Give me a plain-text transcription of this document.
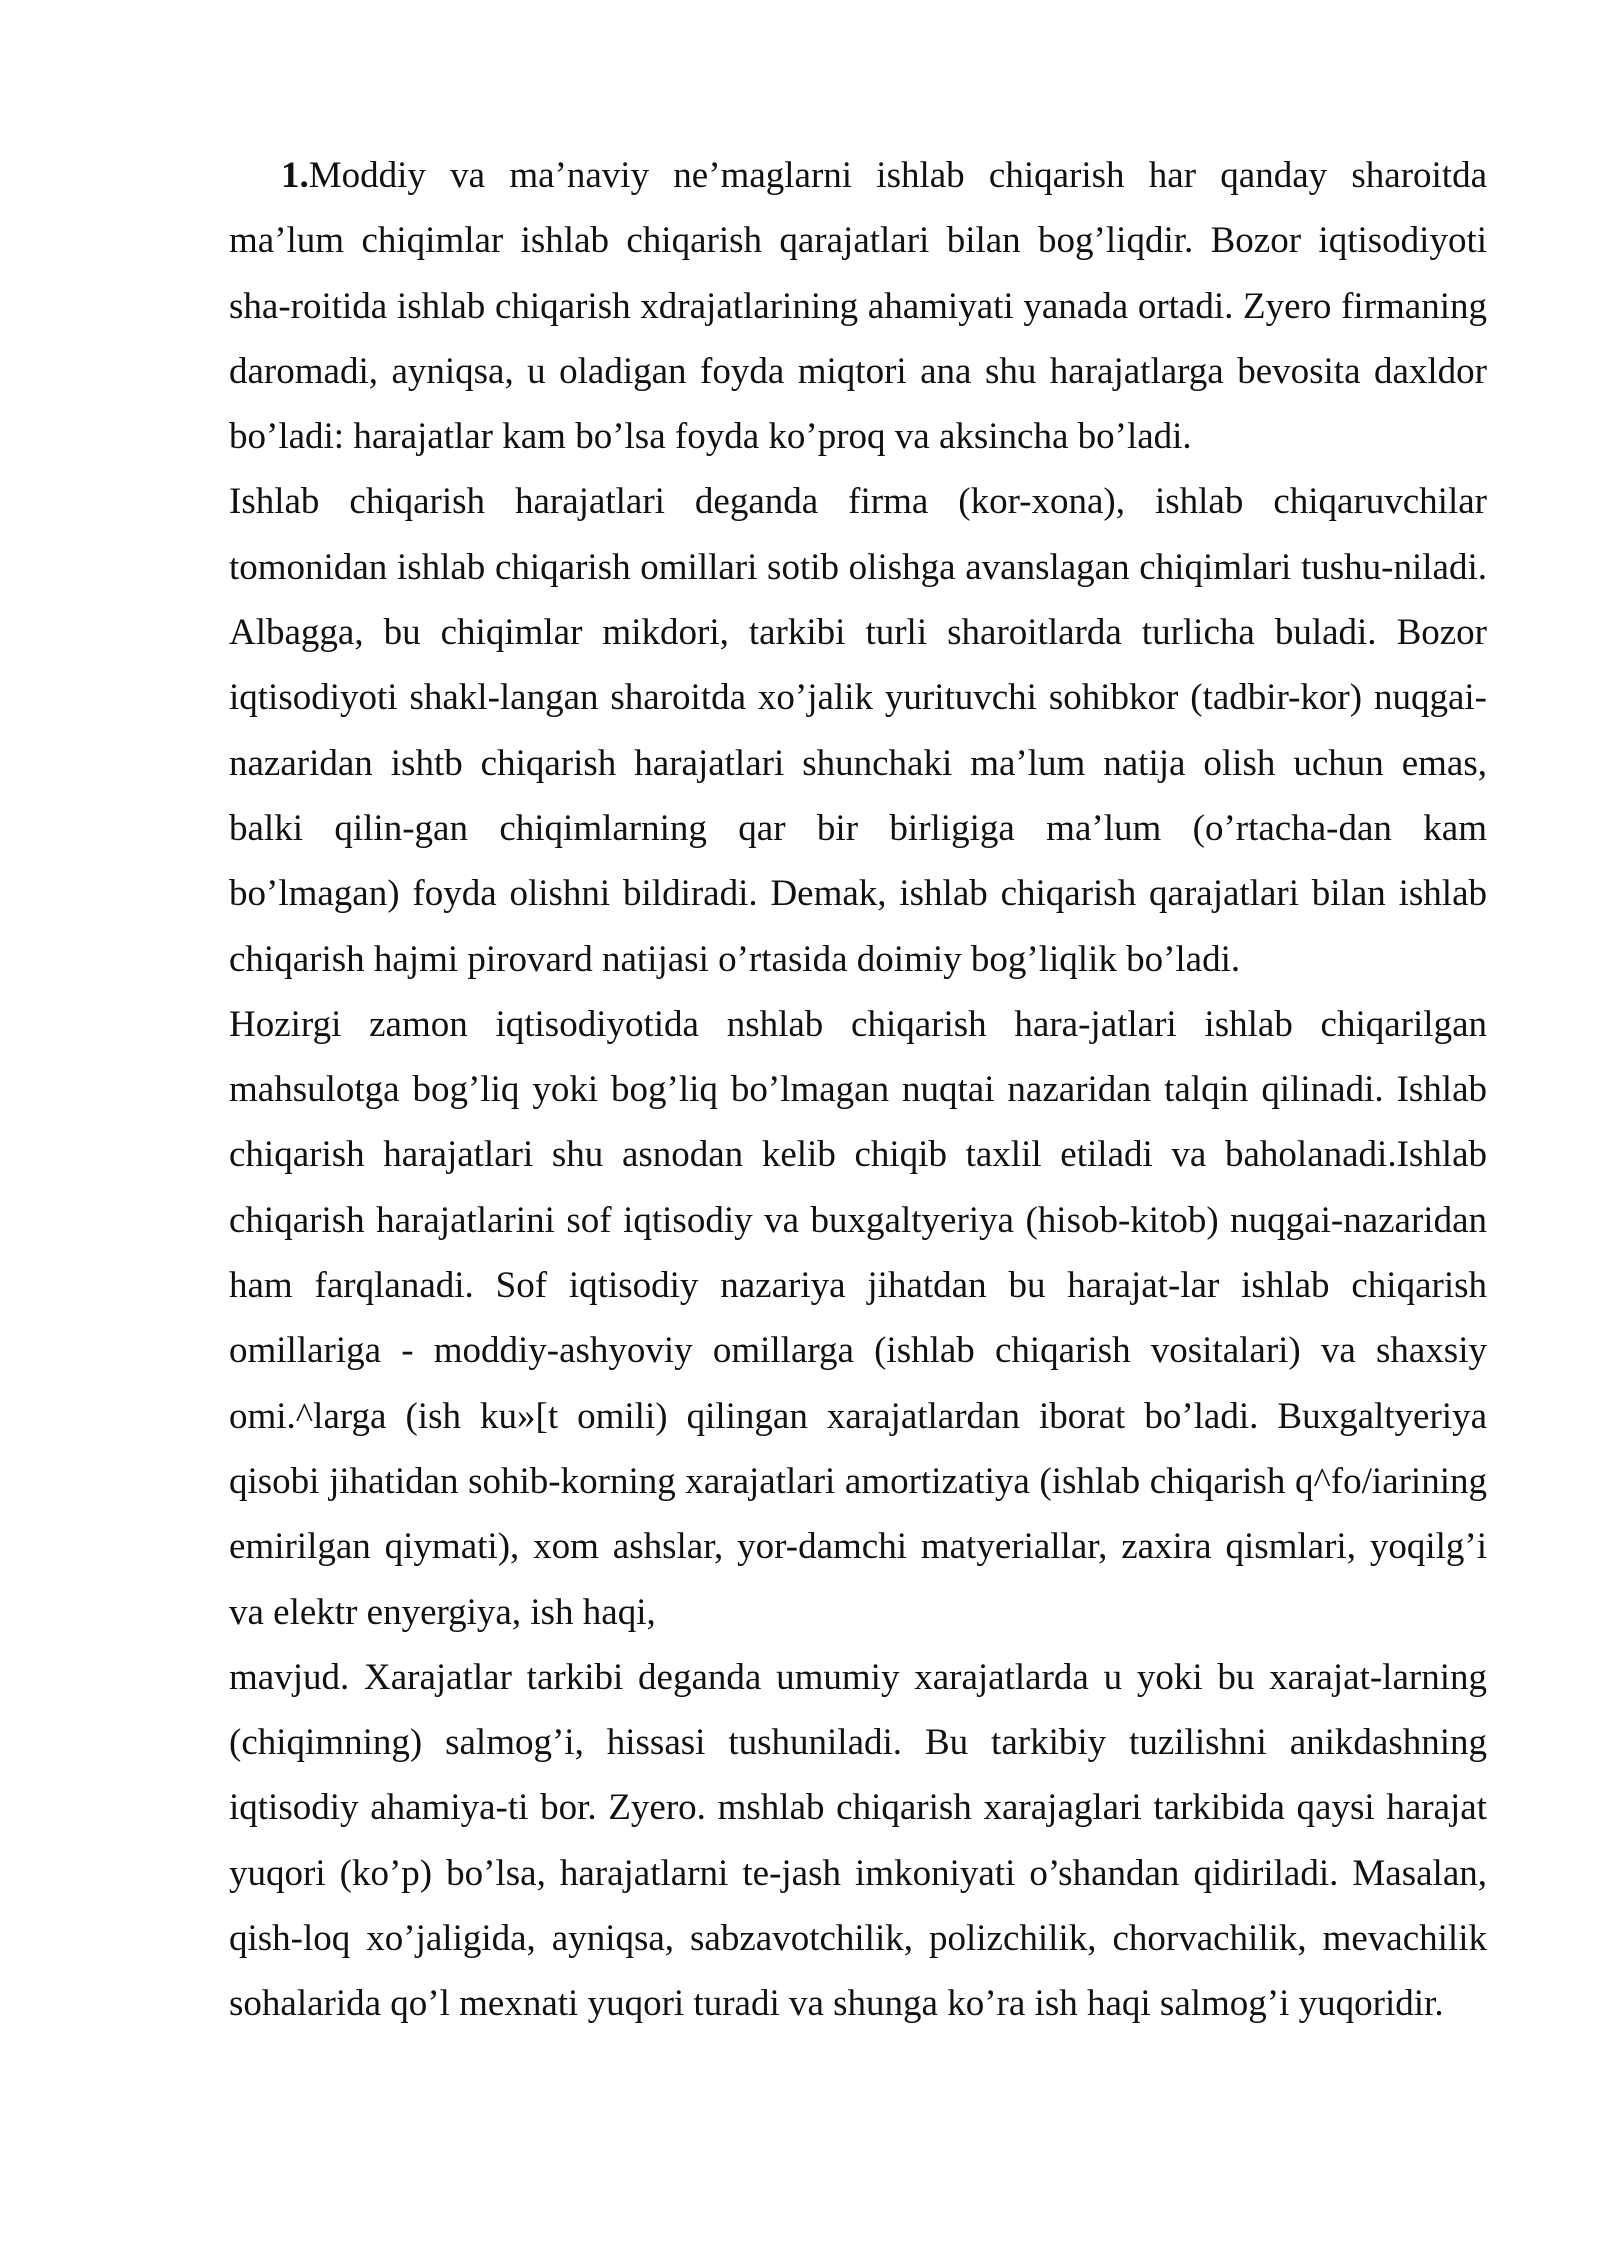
1.Moddiy va ma’naviy ne’maglarni ishlab chiqarish har qanday sharoitda ma’lum chiqimlar ishlab chiqarish qarajatlari bilan bog’liqdir. Bozor iqtisodiyoti sha-roitida ishlab chiqarish xdrajatlarining ahamiyati yanada ortadi. Zyero firmaning daromadi, ayniqsa, u oladigan foyda miqtori ana shu harajatlarga bevosita daxldor bo’ladi: harajatlar kam bo’lsa foyda ko’proq va aksincha bo’ladi.

Ishlab chiqarish harajatlari deganda firma (kor-xona), ishlab chiqaruvchilar tomonidan ishlab chiqarish omillari sotib olishga avanslagan chiqimlari tushu-niladi. Albagga, bu chiqimlar mikdori, tarkibi turli sharoitlarda turlicha buladi. Bozor iqtisodiyoti shakl-langan sharoitda xo’jalik yurituvchi sohibkor (tadbir-kor) nuqgai-nazaridan ishtb chiqarish harajatlari shunchaki ma’lum natija olish uchun emas, balki qilin-gan chiqimlarning qar bir birligiga ma’lum (o’rtacha-dan kam bo’lmagan) foyda olishni bildiradi. Demak, ishlab chiqarish qarajatlari bilan ishlab chiqarish hajmi pirovard natijasi o’rtasida doimiy bog’liqlik bo’ladi.

Hozirgi zamon iqtisodiyotida nshlab chiqarish hara-jatlari ishlab chiqarilgan mahsulotga bog’liq yoki bog’liq bo’lmagan nuqtai nazaridan talqin qilinadi. Ishlab chiqarish harajatlari shu asnodan kelib chiqib taxlil etiladi va baholanadi.Ishlab chiqarish harajatlarini sof iqtisodiy va buxgaltyeriya (hisob-kitob) nuqgai-nazaridan ham farqlanadi. Sof iqtisodiy nazariya jihatdan bu harajat-lar ishlab chiqarish omillariga - moddiy-ashyoviy omillarga (ishlab chiqarish vositalari) va shaxsiy omi.^larga (ish ku»[t omili) qilingan xarajatlardan iborat bo’ladi. Buxgaltyeriya qisobi jihatidan sohib-korning xarajatlari amortizatiya (ishlab chiqarish q^fo/iarining emirilgan qiymati), xom ashslar, yor-damchi matyeriallar, zaxira qismlari, yoqilg’i va elektr enyergiya, ish haqi,

mavjud. Xarajatlar tarkibi deganda umumiy xarajatlarda u yoki bu xarajat-larning (chiqimning) salmog’i, hissasi tushuniladi. Bu tarkibiy tuzilishni anikdashning iqtisodiy ahamiya-ti bor. Zyero. mshlab chiqarish xarajaglari tarkibida qaysi harajat yuqori (ko’p) bo’lsa, harajatlarni te-jash imkoniyati o’shandan qidiriladi. Masalan, qish-loq xo’jaligida, ayniqsa, sabzavotchilik, polizchilik, chorvachilik, mevachilik sohalarida qo’l mexnati yuqori turadi va shunga ko’ra ish haqi salmog’i yuqoridir.
